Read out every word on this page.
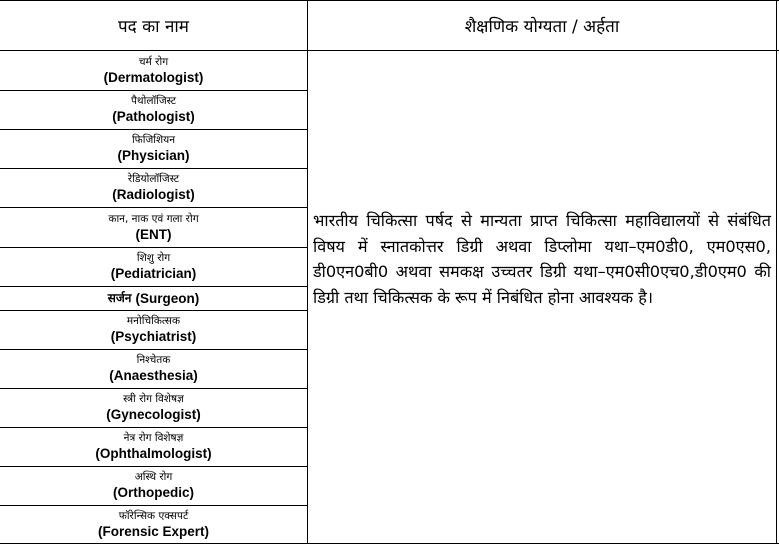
पद का नाम	शैक्षणिक योग्यता / अर्हता
चर्म रोग
(Dermatologist)
पैथोलॉजिस्ट
(Pathologist)
फिजिशियन
(Physician)
रेडियोलॉजिस्ट
(Radiologist)
कान, नाक एवं गला रोग
(ENT)
शिशु रोग
(Pediatrician)
सर्जन (Surgeon)
मनोचिकित्सक
(Psychiatrist)
निश्चेतक
(Anaesthesia)
स्त्री रोग विशेषज्ञ
(Gynecologist)
नेत्र रोग विशेषज्ञ
(Ophthalmologist)
अस्थि रोग
(Orthopedic)
फॉरेन्सिक एक्सपर्ट
(Forensic Expert)
भारतीय चिकित्सा पर्षद से मान्यता प्राप्त चिकित्सा महाविद्यालयों से संबंधित विषय में स्नातकोत्तर डिग्री अथवा डिप्लोमा यथा–एम0डी0, एम0एस0, डी0एन0बी0 अथवा समकक्ष उच्चतर डिग्री यथा–एम0सी0एच0,डी0एम0 की डिग्री तथा चिकित्सक के रूप में निबंधित होना आवश्यक है।
